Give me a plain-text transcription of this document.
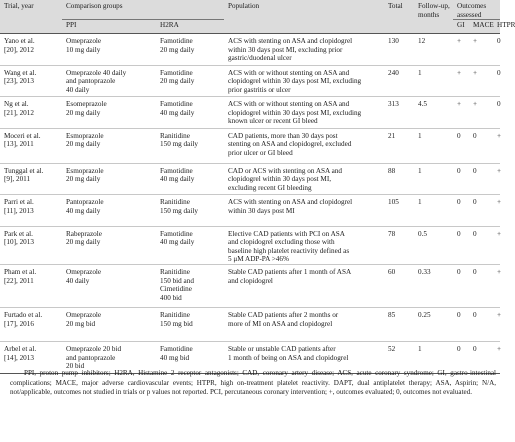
Trial, year	Comparison groups		Population	Total	Follow-up,
months	Outcomes assessed		
	PPI	H2RA				GI	MACE	HTPR
Yano et al.
[20], 2012	Omeprazole
10 mg daily	Famotidine
20 mg daily	ACS with stenting on ASA and clopidogrel
within 30 days post MI, excluding prior
gastric/duodenal ulcer	130	12	+	+	0
Wang et al.
[23], 2013	Omeprazole 40 daily
and pantoprazole
40 daily	Famotidine
20 mg daily	ACS with or without stenting on ASA and
clopidogrel within 30 days post MI, excluding
prior gastritis or ulcer	240	1	+	+	0
Ng et al.
[21], 2012	Esomeprazole
20 mg daily	Famotidine
40 mg daily	ACS with or without stenting on ASA and
clopidogrel within 30 days post MI, excluding
known ulcer or recent GI bleed	313	4.5	+	+	0
Moceri et al.
[13], 2011	Esmoprazole
20 mg daily	Ranitidine
150 mg daily	CAD patients, more than 30 days post
stenting on ASA and clopidogrel, excluded
prior ulcer or GI bleed	21	1	0	0	+
Tunggal et al.
[9], 2011	Esmoprazole
20 mg daily	Famotidine
40 mg daily	CAD or ACS with stenting on ASA and
clopidogrel within 30 days post MI,
excluding recent GI bleeding	88	1	0	0	+
Parri et al.
[11], 2013	Pantoprazole
40 mg daily	Ranitidine
150 mg daily	ACS with stenting on ASA and clopidogrel
within 30 days post MI	105	1	0	0	+
Park et al.
[10], 2013	Rabeprazole
20 mg daily	Famotidine
40 mg daily	Elective CAD patients with PCI on ASA
and clopidogrel excluding those with
baseline high platelet reactivity defined as
5 μM ADP-PA >46%	78	0.5	0	0	+
Pham et al.
[22], 2011	Omeprazole
40 daily	Ranitidine
150 bid and
Cimetidine
400 bid	Stable CAD patients after 1 month of ASA
and clopidogrel	60	0.33	0	0	+
Furtado et al.
[17], 2016	Omeprazole
20 mg bid	Ranitidine
150 mg bid	Stable CAD patients after 2 months or
more of MI on ASA and clopidogrel	85	0.25	0	0	+
Arbel et al.
[14], 2013	Omeprazole 20 bid
and pantoprazole
20 bid	Famotidine
40 mg bid	Stable or unstable CAD patients after
1 month of being on ASA and clopidogrel	52	1	0	0	+
PPI, proton pump inhibitors; H2RA, Histamine 2 receptor antagonists; CAD, coronary artery disease; ACS, acute coronary syndrome; GI, gastro-intestinal complications; MACE, major adverse cardiovascular events; HTPR, high on-treatment platelet reactivity. DAPT, dual antiplatelet therapy; ASA, Aspirin; N/A, not/applicable, outcomes not studied in trials or p values not reported. PCI, percutaneous coronary intervention; +, outcomes evaluated; 0, outcomes not evaluated.
